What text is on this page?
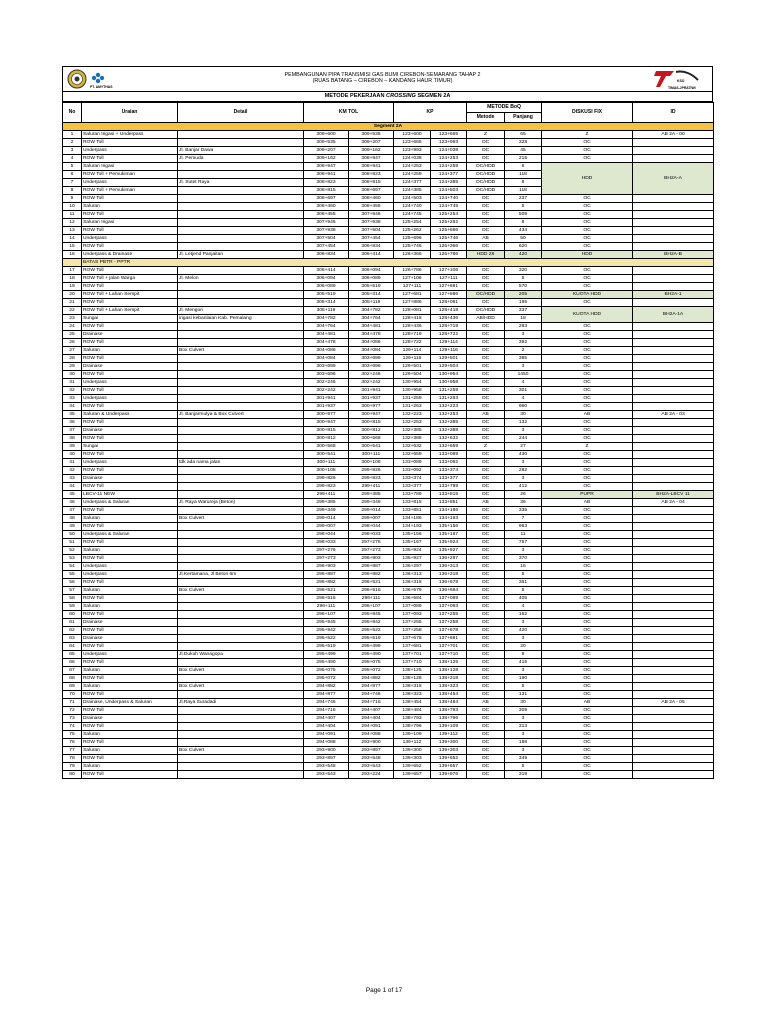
PT. AMYTHAS
PEMBANGUNAN PIPA TRANSMISI GAS BUMI CIREBON-SEMARANG TAHAP 2
(RUAS BATANG – CIREBON – KANDANG HAUR TIMUR)	KSO
TIMAS-JPRATIWI
METODE PEKERJAAN CROSSING SEGMEN 2A
No	Uraian	Detail	KM TOL		KP		METODE BoQ		DISKUSI FIX	ID
							Metode	Panjang		
Segment 2A										
1	Saluran Irigasi + Underpass		309+600	309+535	123+600	123+665	Z	65	Z	AB 2A - 00
2	ROW Toll		309+535	309+207	123+665	123+993	OC	328	OC	
3	Underpass	Jl. Banjar Dawa	309+207	309+162	123+993	124+038	OC	45	OC	
4	ROW Toll	Jl. Pemuda	309+162	308+947	124+038	124+253	OC	215	OC	
5	Saluran Irigasi		308+947	308+941	124+253	124+259	OC/HDD	6	HDD	BH2A-A
6	ROW Toll + Pemukiman		308+941	308+823	124+259	124+377	OC/HDD	118		
7	Underpass	Jl. Sutet Raya	308+823	308+815	124+377	124+385	OC/HDD	8		
8	ROW Toll + Pemukiman		308+815	308+697	124+385	124+503	OC/HDD	118		
9	ROW Toll		308+697	308+460	124+503	124+740	OC	237	OC	
10	Saluran		308+460	308+455	124+740	124+745	OC	5	OC	
11	ROW Toll		308+455	307+946	124+745	125+254	OC	509	OC	
12	Saluran Irigasi		307+946	307+938	125+254	125+262	OC	8	OC	
13	ROW Toll		307+938	307+504	125+262	125+696	OC	434	OC	
14	Underpass		307+504	307+454	125+696	125+746	AB	50	OC	
15	ROW Toll		307+454	306+834	125+746	126+366	OC	620	OC	
16	Underpass & Drainase	Jl. Letjend Panjaitan	306+834	306+414	126+366	126+786	HDD 28	420	HDD	BH2A-B
	BATAS PBTR - PPTR									
17	ROW Toll		306+414	306+094	126+786	127+106	OC	320	OC	
18	ROW Toll + jalan Warga	Jl. Melon	306+094	306+089	127+106	127+111	OC	5	OC	
19	ROW Toll		306+089	305+519	127+111	127+681	OC	570	OC	
20	ROW Toll + Lahan Sempit		305+519	305+314	127+681	127+886	OC/HDD	205	KUOTA HDD	BH2A-1
21	ROW Toll		305+314	305+119	127+886	128+081	OC	195	OC	
22	ROW Toll + Lahan Sempit	Jl. Mengori	305+119	304+782	128+081	128+418	OC/HDD	337	KUOTA HDD	BH2A-1A
23	Sungai	irigasi kebanlaian Kab. Pemalang	304+782	304+764	128+418	128+436	AB/HDD	18		
24	ROW Toll		304+764	304+481	128+436	128+719	OC	283	OC	
25	Drainase		304+481	304+478	128+719	128+722	OC	3	OC	
26	ROW Toll		304+478	304+086	128+722	129+114	OC	392	OC	
27	Saluran	Box Culvert	304+086	304+084	129+114	129+116	OC	2	OC	
28	ROW Toll		304+084	303+699	129+116	129+501	OC	385	OC	
29	Drainase		303+699	303+696	129+501	129+504	OC	3	OC	
30	ROW Toll		303+696	302+246	129+504	130+954	OC	1450	OC	
31	Underpass		302+246	302+242	130+954	130+958	OC	4	OC	
32	ROW Toll		302+242	301+941	130+958	131+259	OC	301	OC	
33	Underpass		301+941	301+937	131+259	131+263	OC	4	OC	
34	ROW Toll		301+937	300+977	131+263	132+223	OC	960	OC	
35	Saluran & Underpass	Jl. Banjarmulya & Box Culvert	300+977	300+947	132+223	132+253	AB	30	AB	AB 2A - 03
36	ROW Toll		300+947	300+815	132+253	132+385	OC	132	OC	
37	Drainase		300+815	300+812	132+385	132+388	OC	3	OC	
38	ROW Toll		300+812	300+568	132+388	132+632	OC	244	OC	
39	Sungai		300+568	300+541	132+632	132+659	Z	27	Z	
40	ROW Toll		300+541	300+111	132+659	133+089	OC	430	OC	
41	Underpass	tdk ada nama jalan	300+111	300+108	133+089	133+092	OC	3	OC	
42	ROW Toll		300+108	299+826	133+092	133+374	OC	282	OC	
43	Drainase		299+826	299+823	133+374	133+377	OC	3	OC	
44	ROW Toll		299+823	299+411	133+377	133+789	OC	412	OC	
45	LBCV-11 NEW		299+411	299+385	133+789	133+815	OC	26	PUPR	BH2A-LBCV 11
46	Underpass & Saluran	Jl. Raya Warureja (Beton)	299+385	299+349	133+815	133+851	AB	36	AB	AB 2A - 04
47	ROW Toll		299+349	299+014	133+851	134+186	OC	335	OC	
48	Saluran	Box Culvert	299+014	299+007	134+186	134+193	OC	7	OC	
49	ROW Toll		299+007	298+044	134+193	135+156	OC	963	OC	
50	Underpass & Saluran		298+044	298+033	135+156	135+167	OC	11	OC	
51	ROW Toll		298+033	297+276	135+167	135+924	OC	757	OC	
52	Saluran		297+276	297+273	135+924	135+927	OC	3	OC	
53	ROW Toll		297+273	296+903	135+927	136+297	OC	370	OC	
54	Underpass		296+903	296+887	136+297	136+313	OC	16	OC	
55	Underpass	Jl.Kertamana, Jl Beton 6m	296+887	296+882	136+313	136+318	OC	5	OC	
56	ROW Toll		296+882	296+521	136+318	136+679	OC	361	OC	
57	Saluran	Box Culvert	296+521	296+516	136+679	136+684	OC	5	OC	
58	ROW Toll		296+516	296+111	136+684	137+089	OC	405	OC	
59	Saluran		296+111	296+107	137+089	137+093	OC	4	OC	
60	ROW Toll		296+107	295+945	137+093	137+255	OC	162	OC	
61	Drainase		295+945	295+942	137+255	137+258	OC	3	OC	
62	ROW Toll		295+942	295+522	137+258	137+678	OC	420	OC	
63	Drainase		295+522	295+519	137+678	137+681	OC	3	OC	
64	ROW Toll		295+519	295+499	137+681	137+701	OC	20	OC	
65	Underpass	Jl.Dukuh Wanagopa	295+499	295+490	137+701	137+710	OC	9	OC	
66	ROW Toll		295+490	295+075	137+710	138+125	OC	415	OC	
67	Saluran	Box Culvert	295+075	295+072	138+125	138+128	OC	3	OC	
68	ROW Toll		295+072	294+882	138+128	138+318	OC	190	OC	
69	Saluran	Box Culvert	294+882	294+877	138+318	138+323	OC	5	OC	
70	ROW Toll		294+877	294+746	138+323	138+454	OC	131	OC	
71	Drainase, Underpass & Saluran	Jl.Raya Suradadi	294+746	294+716	138+454	138+484	AB	30	AB	AB 2A - 05
72	ROW Toll		294+716	294+407	138+484	138+793	OC	309	OC	
73	Drainase		294+407	294+404	138+793	138+796	OC	3	OC	
74	ROW Toll		294+404	294+091	138+796	139+109	OC	313	OC	
75	Saluran		294+091	294+088	139+109	139+112	OC	3	OC	
76	ROW Toll		294+088	293+900	139+112	139+300	OC	188	OC	
77	Saluran	Box Culvert	293+900	293+897	139+300	139+303	OC	3	OC	
78	ROW Toll		293+897	293+548	139+303	139+652	OC	349	OC	
79	Saluran		293+548	293+543	139+652	139+657	OC	5	OC	
80	ROW Toll		293+543	293+224	139+657	139+976	OC	319	OC	
Page 1 of 17
